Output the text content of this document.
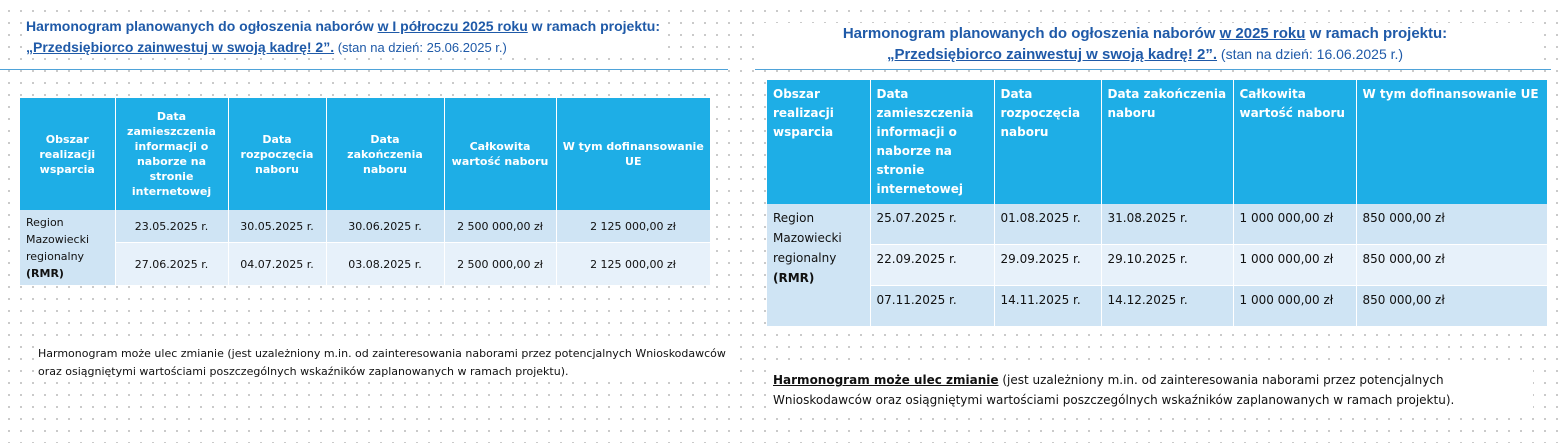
Harmonogram planowanych do ogłoszenia naborów w I półroczu 2025 roku w ramach projektu:
„Przedsiębiorco zainwestuj w swoją kadrę! 2”. (stan na dzień: 25.06.2025 r.)
Obszar realizacji wsparcia	Data zamieszczenia informacji o naborze na stronie internetowej	Data rozpoczęcia naboru	Data zakończenia naboru	Całkowita wartość naboru	W tym dofinansowanie UE
Region Mazowiecki regionalny
(RMR)	23.05.2025 r.	30.05.2025 r.	30.06.2025 r.	2 500 000,00 zł	2 125 000,00 zł
	27.06.2025 r.	04.07.2025 r.	03.08.2025 r.	2 500 000,00 zł	2 125 000,00 zł
Harmonogram może ulec zmianie (jest uzależniony m.in. od zainteresowania naborami przez potencjalnych Wnioskodawców oraz osiągniętymi wartościami poszczególnych wskaźników zaplanowanych w ramach projektu).
Harmonogram planowanych do ogłoszenia naborów w 2025 roku w ramach projektu:
„Przedsiębiorco zainwestuj w swoją kadrę! 2”. (stan na dzień: 16.06.2025 r.)
Obszar realizacji wsparcia	Data zamieszczenia informacji o naborze na stronie internetowej	Data rozpoczęcia naboru	Data zakończenia naboru	Całkowita wartość naboru	W tym dofinansowanie UE
Region Mazowiecki regionalny
(RMR)	25.07.2025 r.	01.08.2025 r.	31.08.2025 r.	1 000 000,00 zł	850 000,00 zł
	22.09.2025 r.	29.09.2025 r.	29.10.2025 r.	1 000 000,00 zł	850 000,00 zł
	07.11.2025 r.	14.11.2025 r.	14.12.2025 r.	1 000 000,00 zł	850 000,00 zł
Harmonogram może ulec zmianie (jest uzależniony m.in. od zainteresowania naborami przez potencjalnych Wnioskodawców oraz osiągniętymi wartościami poszczególnych wskaźników zaplanowanych w ramach projektu).
